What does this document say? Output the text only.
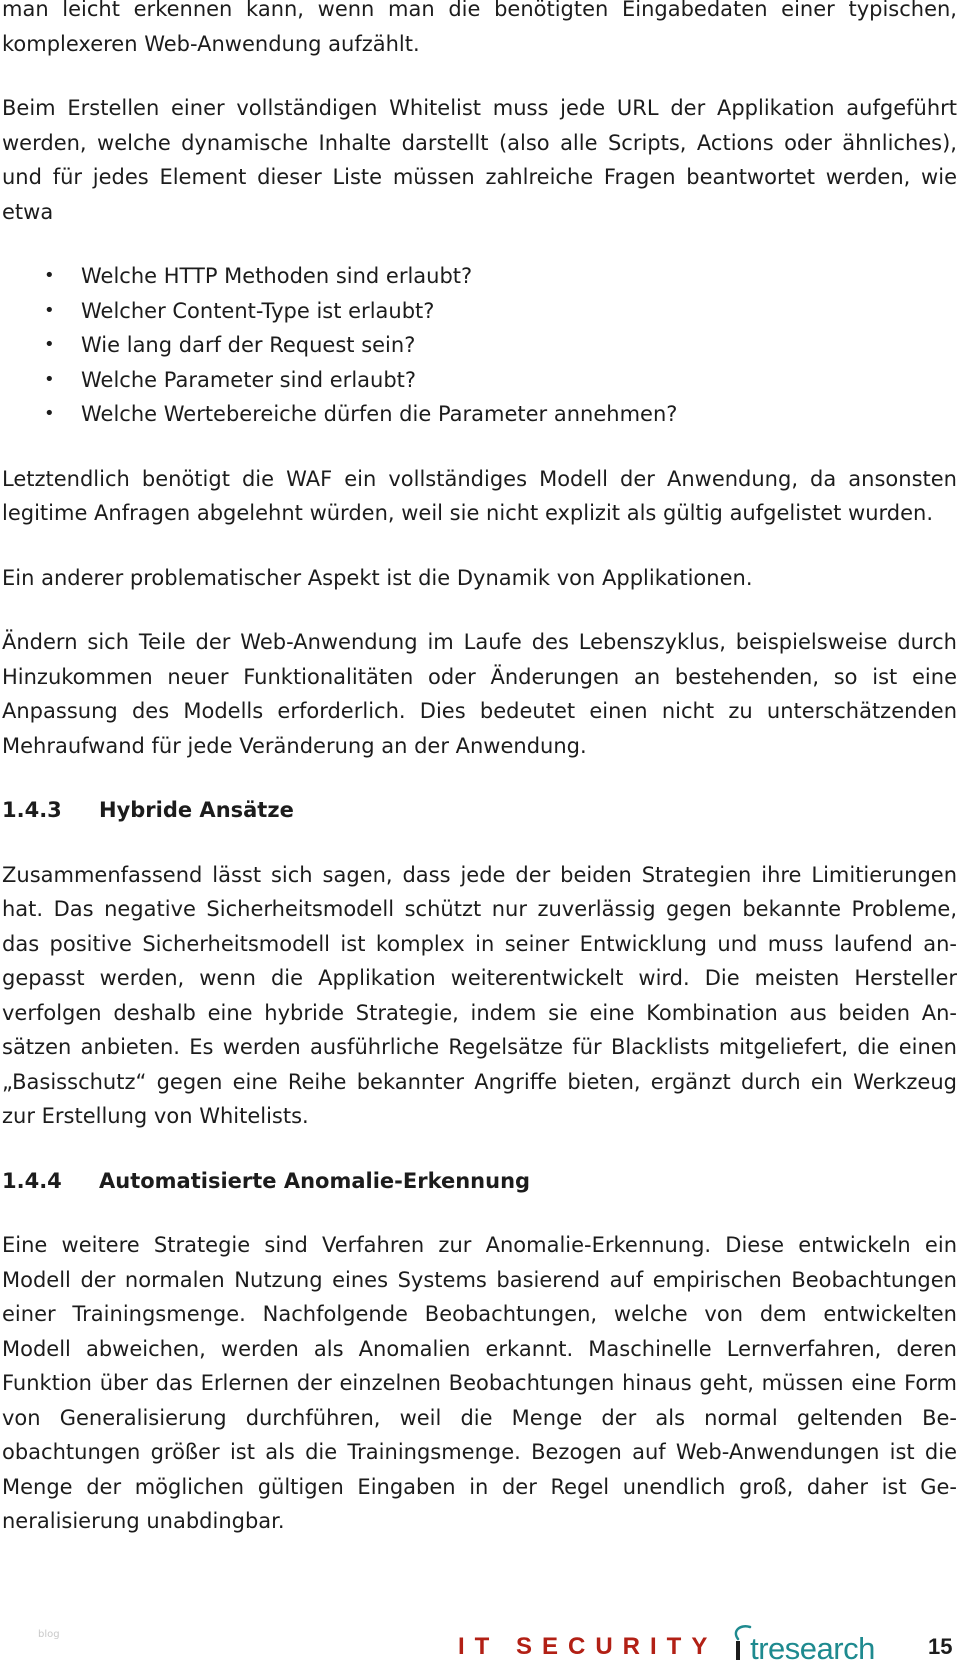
man leicht erkennen kann, wenn man die benötigten Eingabedaten einer typischen, komplexeren Web-Anwendung aufzählt.

Beim Erstellen einer vollständigen Whitelist muss jede URL der Applikation aufgeführt werden, welche dynamische Inhalte darstellt (also alle Scripts, Actions oder ähnliches), und für jedes Element dieser Liste müssen zahlreiche Fragen beantwortet werden, wie etwa

• Welche HTTP Methoden sind erlaubt?
• Welcher Content-Type ist erlaubt?
• Wie lang darf der Request sein?
• Welche Parameter sind erlaubt?
• Welche Wertebereiche dürfen die Parameter annehmen?

Letztendlich benötigt die WAF ein vollständiges Modell der Anwendung, da ansonsten legitime Anfragen abgelehnt würden, weil sie nicht explizit als gültig aufgelistet wurden.

Ein anderer problematischer Aspekt ist die Dynamik von Applikationen.

Ändern sich Teile der Web-Anwendung im Laufe des Lebenszyklus, beispielsweise durch Hinzukommen neuer Funktionalitäten oder Änderungen an bestehenden, so ist eine Anpassung des Modells erforderlich. Dies bedeutet einen nicht zu unterschätzenden Mehraufwand für jede Veränderung an der Anwendung.

1.4.3 Hybride Ansätze

Zusammenfassend lässt sich sagen, dass jede der beiden Strategien ihre Limitierungen hat. Das negative Sicherheitsmodell schützt nur zuverlässig gegen bekannte Probleme, das positive Sicherheitsmodell ist komplex in seiner Entwicklung und muss laufend angepasst werden, wenn die Applikation weiterentwickelt wird. Die meisten Hersteller verfolgen deshalb eine hybride Strategie, indem sie eine Kombination aus beiden Ansätzen anbieten. Es werden ausführliche Regelsätze für Blacklists mitgeliefert, die einen „Basisschutz“ gegen eine Reihe bekannter Angriffe bieten, ergänzt durch ein Werkzeug zur Erstellung von Whitelists.

1.4.4 Automatisierte Anomalie-Erkennung

Eine weitere Strategie sind Verfahren zur Anomalie-Erkennung. Diese entwickeln ein Modell der normalen Nutzung eines Systems basierend auf empirischen Beobachtungen einer Trainingsmenge. Nachfolgende Beobachtungen, welche von dem entwickelten Modell abweichen, werden als Anomalien erkannt. Maschinelle Lernverfahren, deren Funktion über das Erlernen der einzelnen Beobachtungen hinaus geht, müssen eine Form von Generalisierung durchführen, weil die Menge der als normal geltenden Beobachtungen größer ist als die Trainingsmenge. Bezogen auf Web-Anwendungen ist die Menge der möglichen gültigen Eingaben in der Regel unendlich groß, daher ist Generalisierung unabdingbar.

blog	IT SECURITY tresearch 15
